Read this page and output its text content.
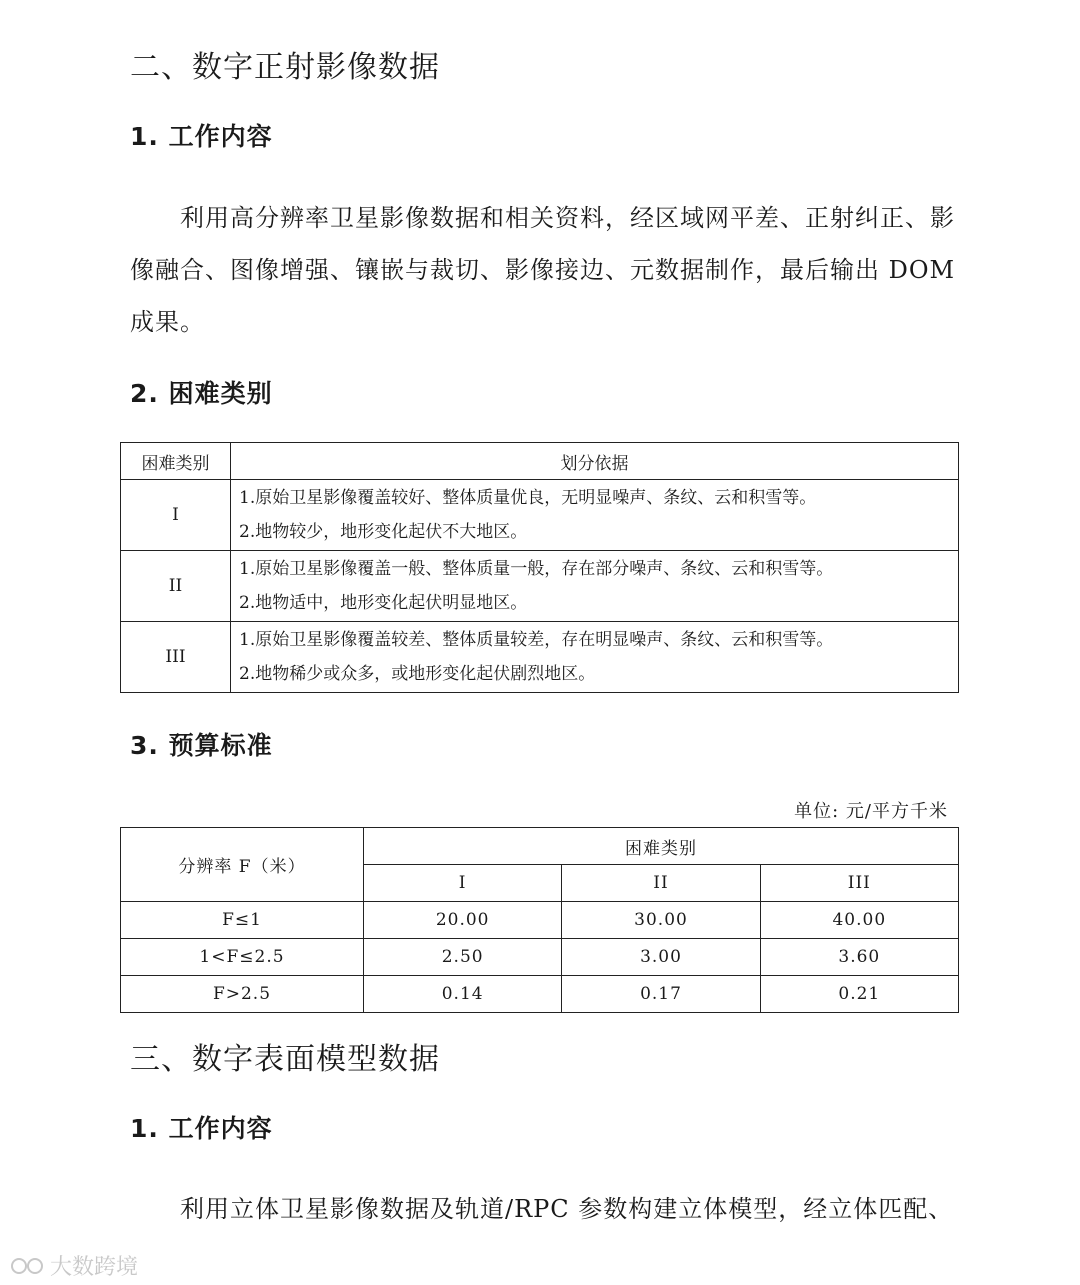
二、数字正射影像数据
1. 工作内容

利用高分辨率卫星影像数据和相关资料，经区域网平差、正射纠正、影像融合、图像增强、镶嵌与裁切、影像接边、元数据制作，最后输出 DOM 成果。

2. 困难类别
困难类别	划分依据
I	1.原始卫星影像覆盖较好、整体质量优良，无明显噪声、条纹、云和积雪等。
2.地物较少，地形变化起伏不大地区。

II	1.原始卫星影像覆盖一般、整体质量一般，存在部分噪声、条纹、云和积雪等。
2.地物适中，地形变化起伏明显地区。

III	1.原始卫星影像覆盖较差、整体质量较差，存在明显噪声、条纹、云和积雪等。
2.地物稀少或众多，或地形变化起伏剧烈地区。
3. 预算标准
单位: 元/平方千米
分辨率 F（米）	困难类别		
	I	II	III
F≤1	20.00	30.00	40.00
1<F≤2.5	2.50	3.00	3.60
F>2.5	0.14	0.17	0.21
三、数字表面模型数据
1. 工作内容

利用立体卫星影像数据及轨道/RPC 参数构建立体模型，经立体匹配、

大数跨境
